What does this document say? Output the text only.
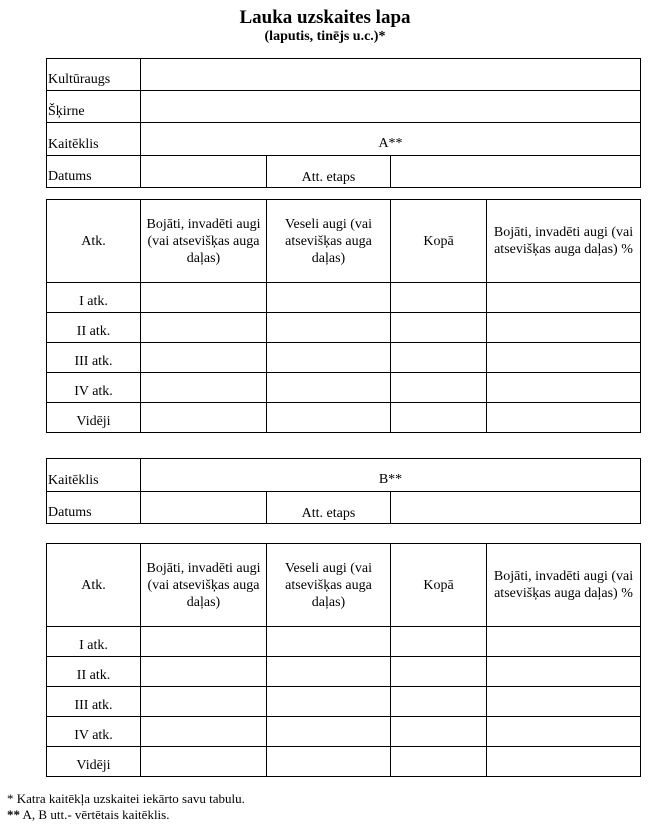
Lauka uzskaites lapa
(laputis, tinējs u.c.)*
Kultūraugs			
Šķirne			
Kaitēklis	A**		
Datums		Att. etaps	
Atk.	Bojāti, invadēti augi (vai atsevišķas auga daļas)	Veseli augi (vai atsevišķas auga daļas)	Kopā	Bojāti, invadēti augi (vai atsevišķas auga daļas) %
I atk.				
II atk.				
III atk.				
IV atk.				
Vidēji				
Kaitēklis	B**		
Datums		Att. etaps	
Atk.	Bojāti, invadēti augi (vai atsevišķas auga daļas)	Veseli augi (vai atsevišķas auga daļas)	Kopā	Bojāti, invadēti augi (vai atsevišķas auga daļas) %
I atk.				
II atk.				
III atk.				
IV atk.				
Vidēji				
* Katra kaitēkļa uzskaitei iekārto savu tabulu.
** A, B utt.- vērtētais kaitēklis.
